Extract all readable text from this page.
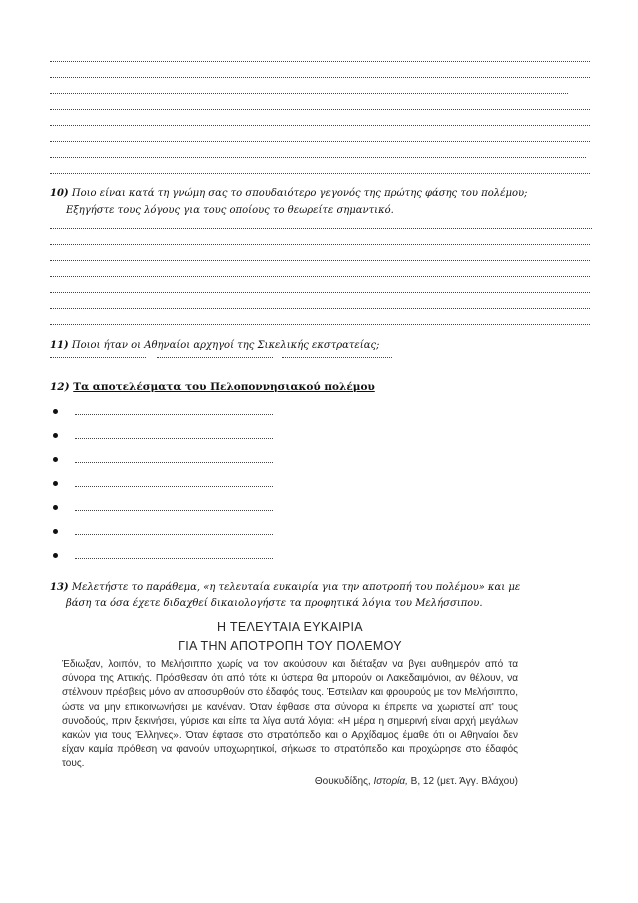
10) Ποιο είναι κατά τη γνώμη σας το σπουδαιότερο γεγονός της πρώτης φάσης του πολέμου;
Εξηγήστε τους λόγους για τους οποίους το θεωρείτε σημαντικό.
11) Ποιοι ήταν οι Αθηναίοι αρχηγοί της Σικελικής εκστρατείας;
12) Τα αποτελέσματα του Πελοποννησιακού πολέμου
13) Μελετήστε το παράθεμα, «η τελευταία ευκαιρία για την αποτροπή του πολέμου» και με
βάση τα όσα έχετε διδαχθεί δικαιολογήστε τα προφητικά λόγια του Μελήσσιπου.
Η ΤΕΛΕΥΤΑΙΑ ΕΥΚΑΙΡΙΑ
ΓΙΑ ΤΗΝ ΑΠΟΤΡΟΠΗ ΤΟΥ ΠΟΛΕΜΟΥ
Έδιωξαν, λοιπόν, το Μελήσιππο χωρίς να τον ακούσουν και διέταξαν να βγει αυθημερόν από τα σύνορα της Αττικής. Πρόσθεσαν ότι από τότε κι ύστερα θα μπορούν οι Λακεδαιμόνιοι, αν θέλουν, να στέλνουν πρέσβεις μόνο αν αποσυρθούν στο έδαφός τους. Έστειλαν και φρουρούς με τον Μελήσιππο, ώστε να μην επικοινωνήσει με κανέναν. Όταν έφθασε στα σύνορα κι έπρεπε να χωριστεί απ' τους συνοδούς, πριν ξεκινήσει, γύρισε και είπε τα λίγα αυτά λόγια: «Η μέρα η σημερινή είναι αρχή μεγάλων κακών για τους Έλληνες». Όταν έφτασε στο στρατόπεδο και ο Αρχίδαμος έμαθε ότι οι Αθηναίοι δεν είχαν καμία πρόθεση να φανούν υποχωρητικοί, σήκωσε το στρατόπεδο και προχώρησε στο έδαφός τους.
Θουκυδίδης, Ιστορία, Β, 12 (μετ. Άγγ. Βλάχου)
